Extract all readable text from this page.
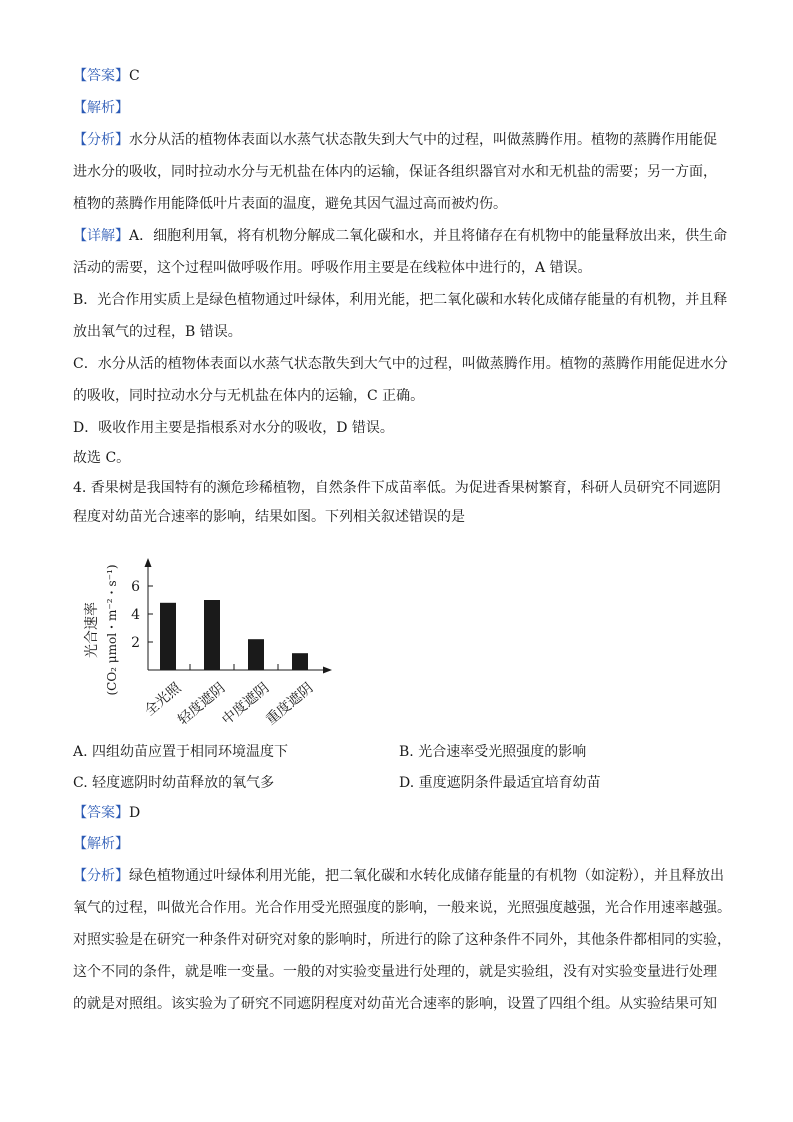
【答案】C
【解析】
【分析】水分从活的植物体表面以水蒸气状态散失到大气中的过程，叫做蒸腾作用。植物的蒸腾作用能促
进水分的吸收，同时拉动水分与无机盐在体内的运输，保证各组织器官对水和无机盐的需要；另一方面，
植物的蒸腾作用能降低叶片表面的温度，避免其因气温过高而被灼伤。
【详解】A．细胞利用氧，将有机物分解成二氧化碳和水，并且将储存在有机物中的能量释放出来，供生命
活动的需要，这个过程叫做呼吸作用。呼吸作用主要是在线粒体中进行的，A 错误。
B．光合作用实质上是绿色植物通过叶绿体，利用光能，把二氧化碳和水转化成储存能量的有机物，并且释
放出氧气的过程，B 错误。
C．水分从活的植物体表面以水蒸气状态散失到大气中的过程，叫做蒸腾作用。植物的蒸腾作用能促进水分
的吸收，同时拉动水分与无机盐在体内的运输，C 正确。
D．吸收作用主要是指根系对水分的吸收，D 错误。
故选 C。
4. 香果树是我国特有的濒危珍稀植物，自然条件下成苗率低。为促进香果树繁育，科研人员研究不同遮阴
程度对幼苗光合速率的影响，结果如图。下列相关叙述错误的是
2
4
6
全光照
轻度遮阴
中度遮阴
重度遮阴
光合速率 (CO₂ μmol・m⁻²・s⁻¹)
A. 四组幼苗应置于相同环境温度下	B. 光合速率受光照强度的影响
C. 轻度遮阴时幼苗释放的氧气多	D. 重度遮阴条件最适宜培育幼苗
【答案】D
【解析】
【分析】绿色植物通过叶绿体利用光能，把二氧化碳和水转化成储存能量的有机物（如淀粉），并且释放出
氧气的过程，叫做光合作用。光合作用受光照强度的影响，一般来说，光照强度越强，光合作用速率越强。
对照实验是在研究一种条件对研究对象的影响时，所进行的除了这种条件不同外，其他条件都相同的实验，
这个不同的条件，就是唯一变量。一般的对实验变量进行处理的，就是实验组，没有对实验变量进行处理
的就是对照组。该实验为了研究不同遮阴程度对幼苗光合速率的影响，设置了四组个组。从实验结果可知
